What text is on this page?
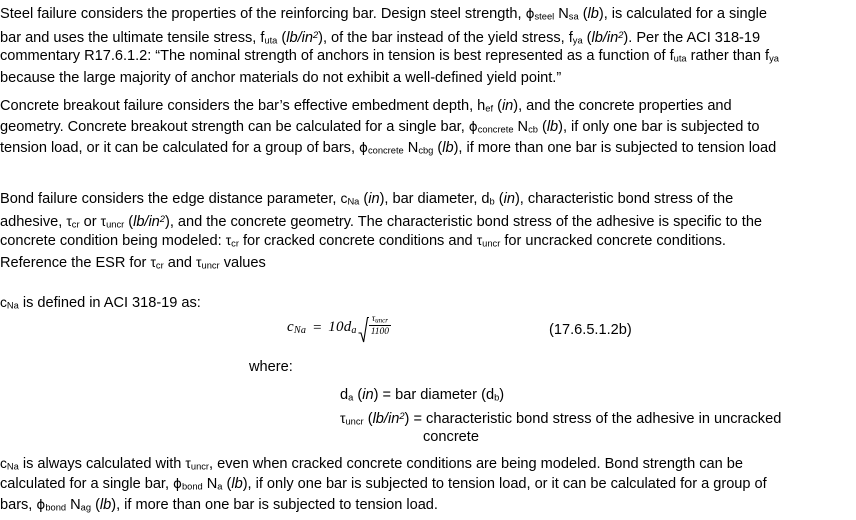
Steel failure considers the properties of the reinforcing bar. Design steel strength, $\phi_{steel}$ $N_{sa}$ (lb), is calculated for a single
bar and uses the ultimate tensile stress, $f_{uta}$ $(lb/in^2)$, of the bar instead of the yield stress, $f_{ya}$ $(lb/in^2)$. Per the ACI 318-19
commentary R17.6.1.2: “The nominal strength of anchors in tension is best represented as a function of $f_{uta}$ rather than $f_{ya}$
because the large majority of anchor materials do not exhibit a well-defined yield point.”
Concrete breakout failure considers the bar’s effective embedment depth, $h_{ef}$ (in), and the concrete properties and
geometry. Concrete breakout strength can be calculated for a single bar, $\phi_{concrete}$ $N_{cb}$ (lb), if only one bar is subjected to
tension load, or it can be calculated for a group of bars, $\phi_{concrete}$ $N_{cbg}$ (lb), if more than one bar is subjected to tension load
Bond failure considers the edge distance parameter, $c_{Na}$ (in), bar diameter, $d_b$ (in), characteristic bond stress of the
adhesive, $\tau_{cr}$ or $\tau_{uncr}$ $(lb/in^2)$, and the concrete geometry. The characteristic bond stress of the adhesive is specific to the
concrete condition being modeled: $\tau_{cr}$ for cracked concrete conditions and $\tau_{uncr}$ for uncracked concrete conditions.
Reference the ESR for $\tau_{cr}$ and $\tau_{uncr}$ values
$c_{Na}$ is defined in ACI 318-19 as:
$c_{Na} = 10d_a \frac{\tau_{uncr}}{1100}$	(17.6.5.1.2b)
where:
$d_a$ (in) = bar diameter $(d_b)$
$\tau_{uncr}$ $(lb/in^2)$ = characteristic bond stress of the adhesive in uncracked
concrete
$c_{Na}$ is always calculated with $\tau_{uncr}$, even when cracked concrete conditions are being modeled. Bond strength can be
calculated for a single bar, $\phi_{bond}$ $N_a$ (lb), if only one bar is subjected to tension load, or it can be calculated for a group of
bars, $\phi_{bond}$ $N_{ag}$ (lb), if more than one bar is subjected to tension load.
